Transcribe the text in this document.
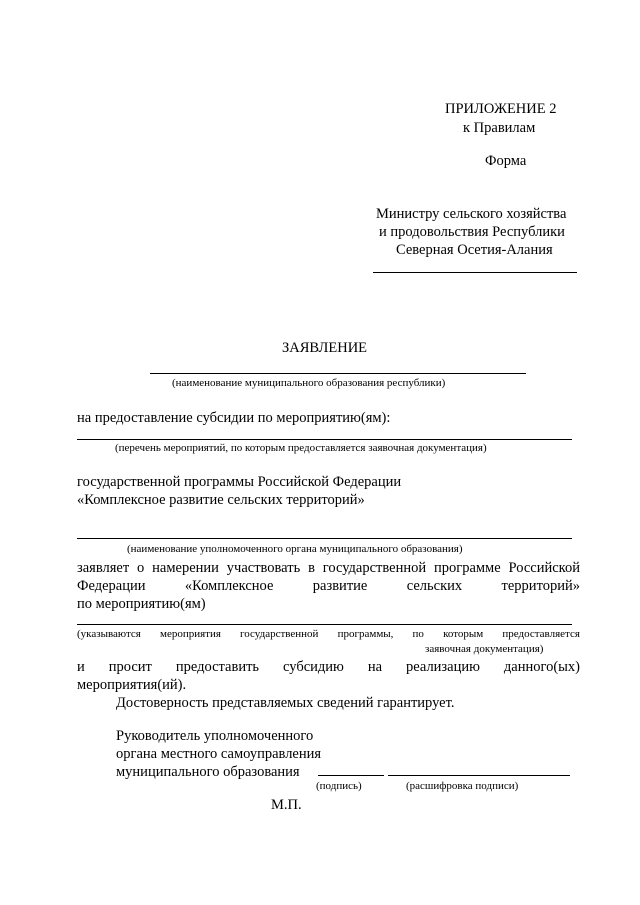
ПРИЛОЖЕНИЕ 2
к Правилам
Форма
Министру сельского хозяйства
и продовольствия Республики
Северная Осетия-Алания
ЗАЯВЛЕНИЕ
(наименование муниципального образования республики)
на предоставление субсидии по мероприятию(ям):
(перечень мероприятий, по которым предоставляется заявочная документация)
государственной программы Российской Федерации
«Комплексное развитие сельских территорий»
(наименование уполномоченного органа муниципального образования)
заявляет о намерении участвовать в государственной программе Российской
Федерации	«Комплексное	развитие	сельских	территорий»
по мероприятию(ям)
(указываются мероприятия государственной программы, по которым предоставляется
заявочная документация)
и просит предоставить субсидию на реализацию данного(ых)
мероприятия(ий).
Достоверность представляемых сведений гарантирует.
Руководитель уполномоченного
органа местного самоуправления
муниципального образования
(подпись)	(расшифровка подписи)
М.П.
